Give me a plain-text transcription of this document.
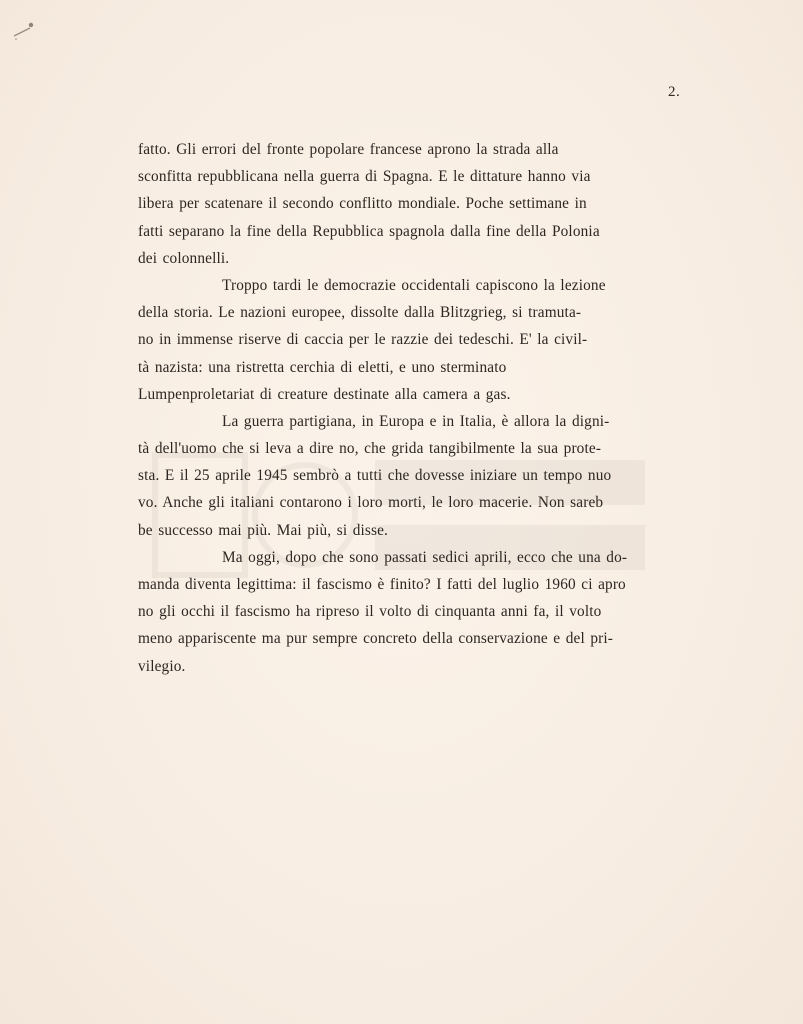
2.
fatto. Gli errori del fronte popolare francese aprono la strada alla
sconfitta repubblicana nella guerra di Spagna. E le dittature hanno via
libera per scatenare il secondo conflitto mondiale. Poche settimane in
fatti separano la fine della Repubblica spagnola dalla fine della Polonia
dei colonnelli.
Troppo tardi le democrazie occidentali capiscono la lezione
della storia. Le nazioni europee, dissolte dalla Blitzgrieg, si tramuta-
no in immense riserve di caccia per le razzie dei tedeschi. E' la civil-
tà nazista: una ristretta cerchia di eletti, e uno sterminato
Lumpenproletariat di creature destinate alla camera a gas.
La guerra partigiana, in Europa e in Italia, è allora la digni-
tà dell'uomo che si leva a dire no, che grida tangibilmente la sua prote-
sta. E il 25 aprile 1945 sembrò a tutti che dovesse iniziare un tempo nuo
vo. Anche gli italiani contarono i loro morti, le loro macerie. Non sareb
be successo mai più. Mai più, si disse.
Ma oggi, dopo che sono passati sedici aprili, ecco che una do-
manda diventa legittima: il fascismo è finito? I fatti del luglio 1960 ci apro
no gli occhi il fascismo ha ripreso il volto di cinquanta anni fa, il volto
meno appariscente ma pur sempre concreto della conservazione e del pri-
vilegio.
